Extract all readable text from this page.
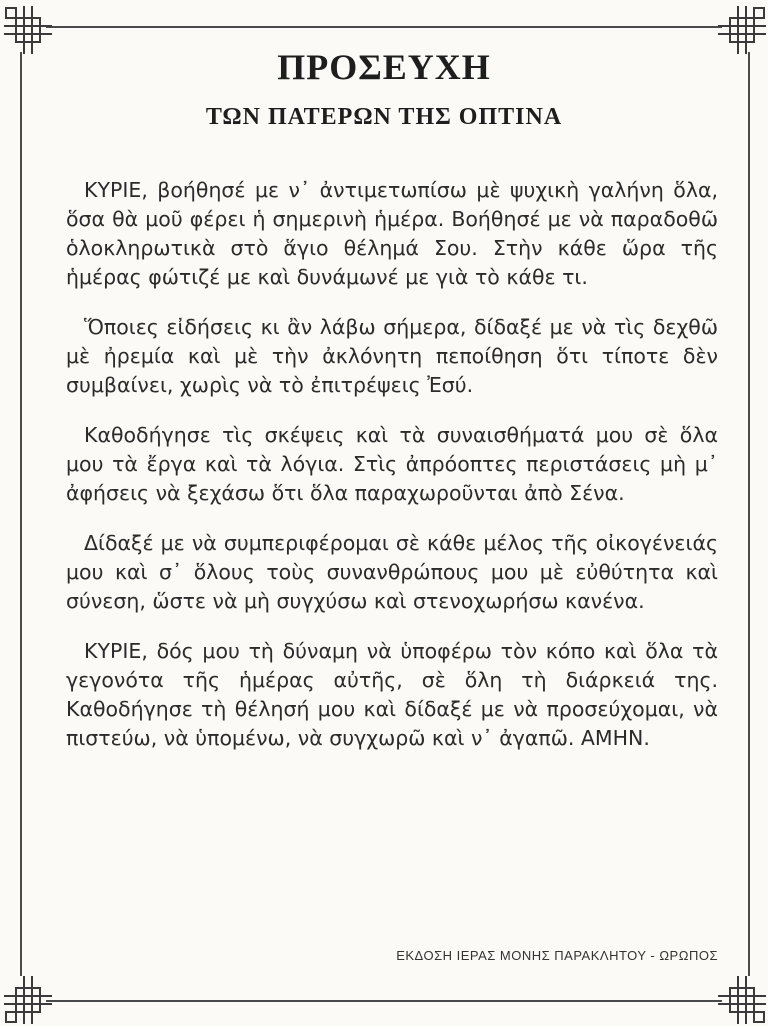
ΠΡΟΣΕΥΧΗ
ΤΩΝ ΠΑΤΕΡΩΝ ΤΗΣ ΟΠΤΙΝΑ

ΚΥΡΙΕ, βοήθησέ με ν᾿ ἀντιμετωπίσω μὲ ψυχικὴ γαλήνη ὅλα, ὅσα θὰ μοῦ φέρει ἡ σημερινὴ ἡμέρα. Βοήθησέ με νὰ παραδοθῶ ὁλοκληρωτικὰ στὸ ἅγιο θέλημά Σου. Στὴν κάθε ὥρα τῆς ἡμέρας φώτιζέ με καὶ δυνάμωνέ με γιὰ τὸ κάθε τι.

Ὅποιες εἰδήσεις κι ἂν λάβω σήμερα, δίδαξέ με νὰ τὶς δεχθῶ μὲ ἠρεμία καὶ μὲ τὴν ἀκλόνητη πεποίθηση ὅτι τίποτε δὲν συμβαίνει, χωρὶς νὰ τὸ ἐπιτρέψεις Ἐσύ.

Καθοδήγησε τὶς σκέψεις καὶ τὰ συναισθήματά μου σὲ ὅλα μου τὰ ἔργα καὶ τὰ λόγια. Στὶς ἀπρόοπτες περιστάσεις μὴ μ᾿ ἀφήσεις νὰ ξεχάσω ὅτι ὅλα παραχωροῦνται ἀπὸ Σένα.

Δίδαξέ με νὰ συμπεριφέρομαι σὲ κάθε μέλος τῆς οἰκογένειάς μου καὶ σ᾿ ὅλους τοὺς συνανθρώπους μου μὲ εὐθύτητα καὶ σύνεση, ὥστε νὰ μὴ συγχύσω καὶ στενοχωρήσω κανένα.

ΚΥΡΙΕ, δός μου τὴ δύναμη νὰ ὑποφέρω τὸν κόπο καὶ ὅλα τὰ γεγονότα τῆς ἡμέρας αὐτῆς, σὲ ὅλη τὴ διάρκειά της. Καθοδήγησε τὴ θέλησή μου καὶ δίδαξέ με νὰ προσεύχομαι, νὰ πιστεύω, νὰ ὑπομένω, νὰ συγχωρῶ καὶ ν᾿ ἀγαπῶ. ΑΜΗΝ.

ΕΚΔΟΣΗ ΙΕΡΑΣ ΜΟΝΗΣ ΠΑΡΑΚΛΗΤΟΥ - ΩΡΩΠΟΣ
